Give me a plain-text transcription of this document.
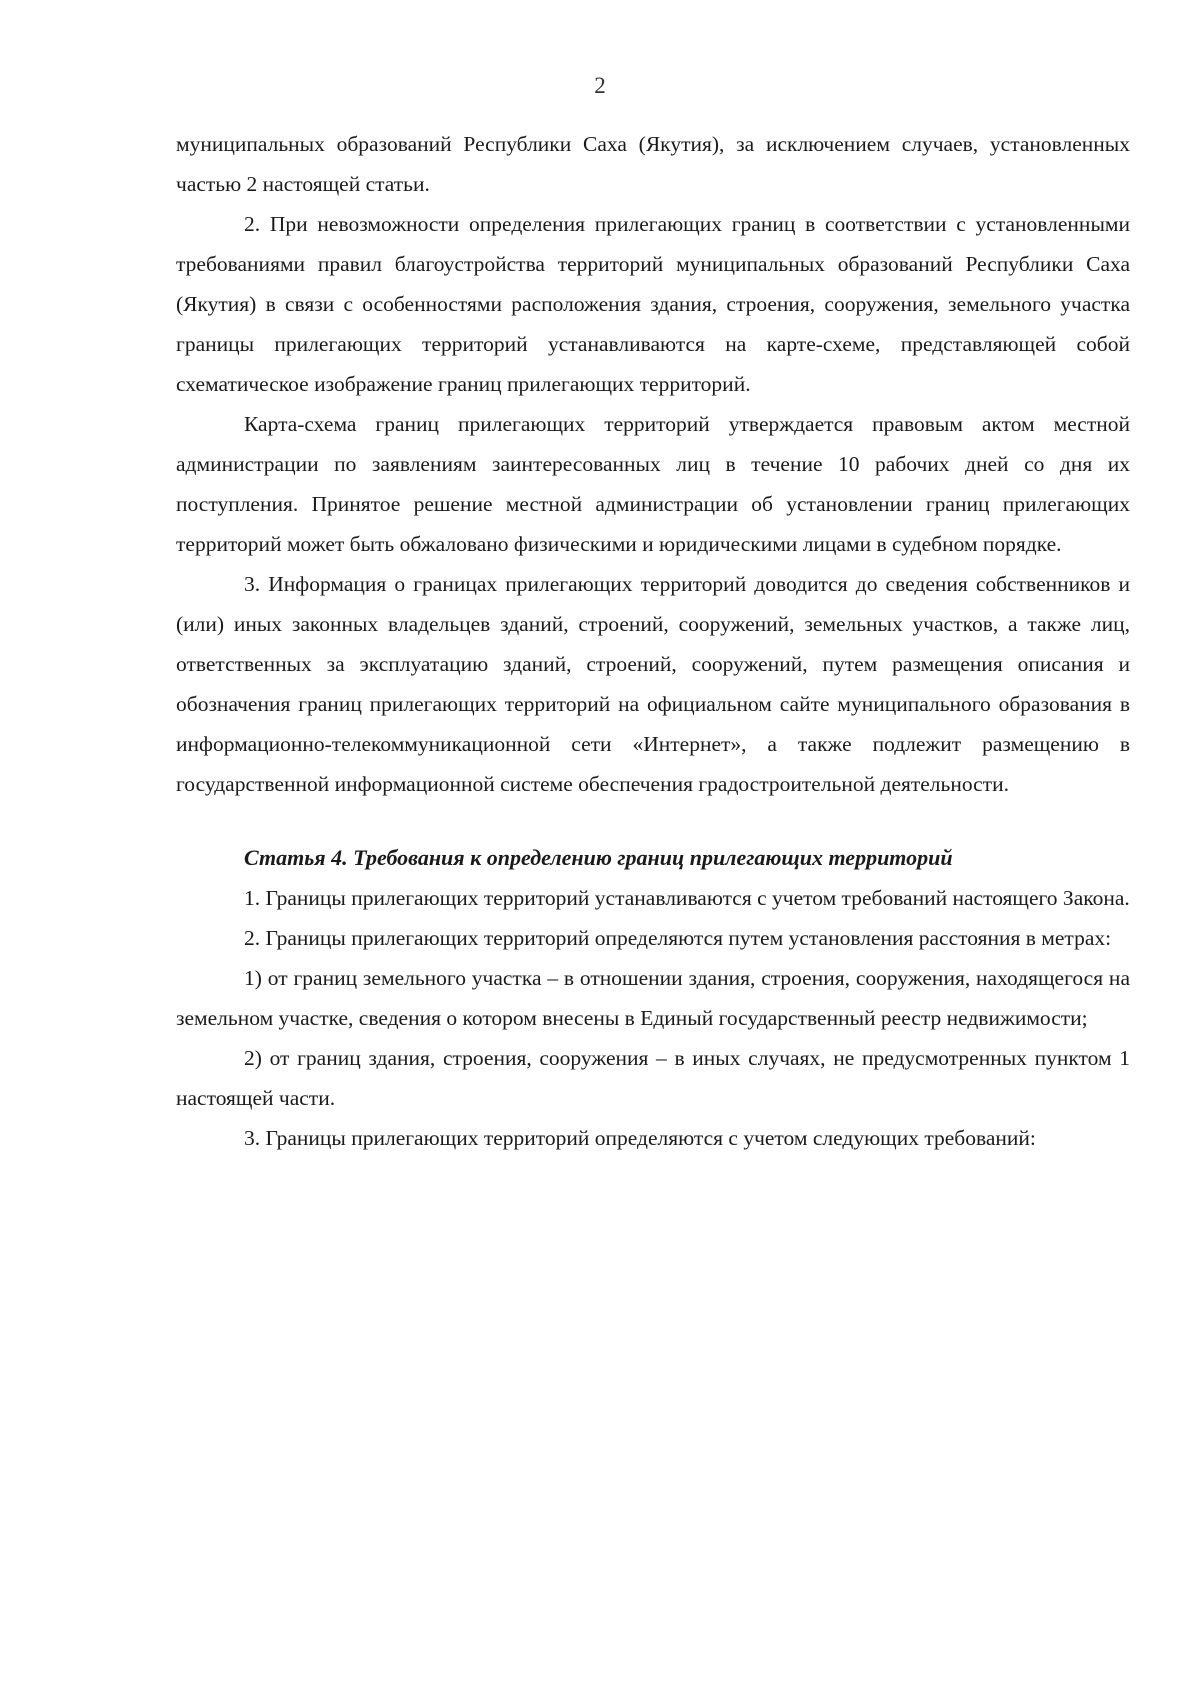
2

муниципальных образований Республики Саха (Якутия), за исключением случаев, установленных частью 2 настоящей статьи.

2. При невозможности определения прилегающих границ в соответствии с установленными требованиями правил благоустройства территорий муниципальных образований Республики Саха (Якутия) в связи с особенностями расположения здания, строения, сооружения, земельного участка границы прилегающих территорий устанавливаются на карте-схеме, представляющей собой схематическое изображение границ прилегающих территорий.

Карта-схема границ прилегающих территорий утверждается правовым актом местной администрации по заявлениям заинтересованных лиц в течение 10 рабочих дней со дня их поступления. Принятое решение местной администрации об установлении границ прилегающих территорий может быть обжаловано физическими и юридическими лицами в судебном порядке.

3. Информация о границах прилегающих территорий доводится до сведения собственников и (или) иных законных владельцев зданий, строений, сооружений, земельных участков, а также лиц, ответственных за эксплуатацию зданий, строений, сооружений, путем размещения описания и обозначения границ прилегающих территорий на официальном сайте муниципального образования в информационно-телекоммуникационной сети «Интернет», а также подлежит размещению в государственной информационной системе обеспечения градостроительной деятельности.

Статья 4. Требования к определению границ прилегающих территорий

1. Границы прилегающих территорий устанавливаются с учетом требований настоящего Закона.

2. Границы прилегающих территорий определяются путем установления расстояния в метрах:

1) от границ земельного участка – в отношении здания, строения, сооружения, находящегося на земельном участке, сведения о котором внесены в Единый государственный реестр недвижимости;

2) от границ здания, строения, сооружения – в иных случаях, не предусмотренных пунктом 1 настоящей части.

3. Границы прилегающих территорий определяются с учетом следующих требований:
